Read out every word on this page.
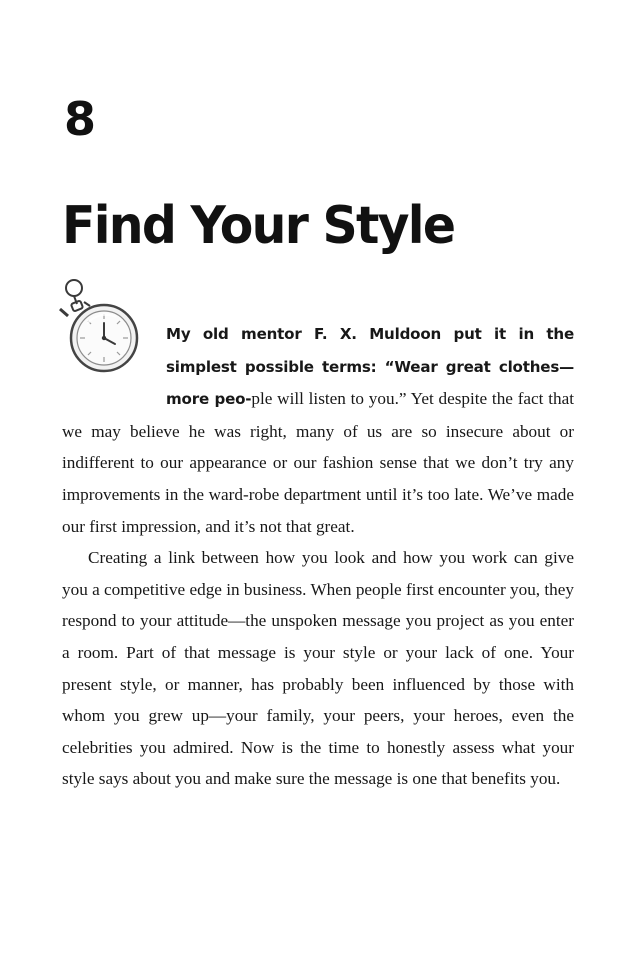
8
Find Your Style

My old mentor F. X. Muldoon put it in the simplest possible terms: “Wear great clothes—more peo-ple will listen to you.” Yet despite the fact that we may believe he was right, many of us are so insecure about or indifferent to our appearance or our fashion sense that we don’t try any improvements in the ward-robe department until it’s too late. We’ve made our first impression, and it’s not that great.

Creating a link between how you look and how you work can give you a competitive edge in business. When people first encounter you, they respond to your attitude—the unspoken message you project as you enter a room. Part of that message is your style or your lack of one. Your present style, or manner, has probably been influenced by those with whom you grew up—your family, your peers, your heroes, even the celebrities you admired. Now is the time to honestly assess what your style says about you and make sure the message is one that benefits you.
